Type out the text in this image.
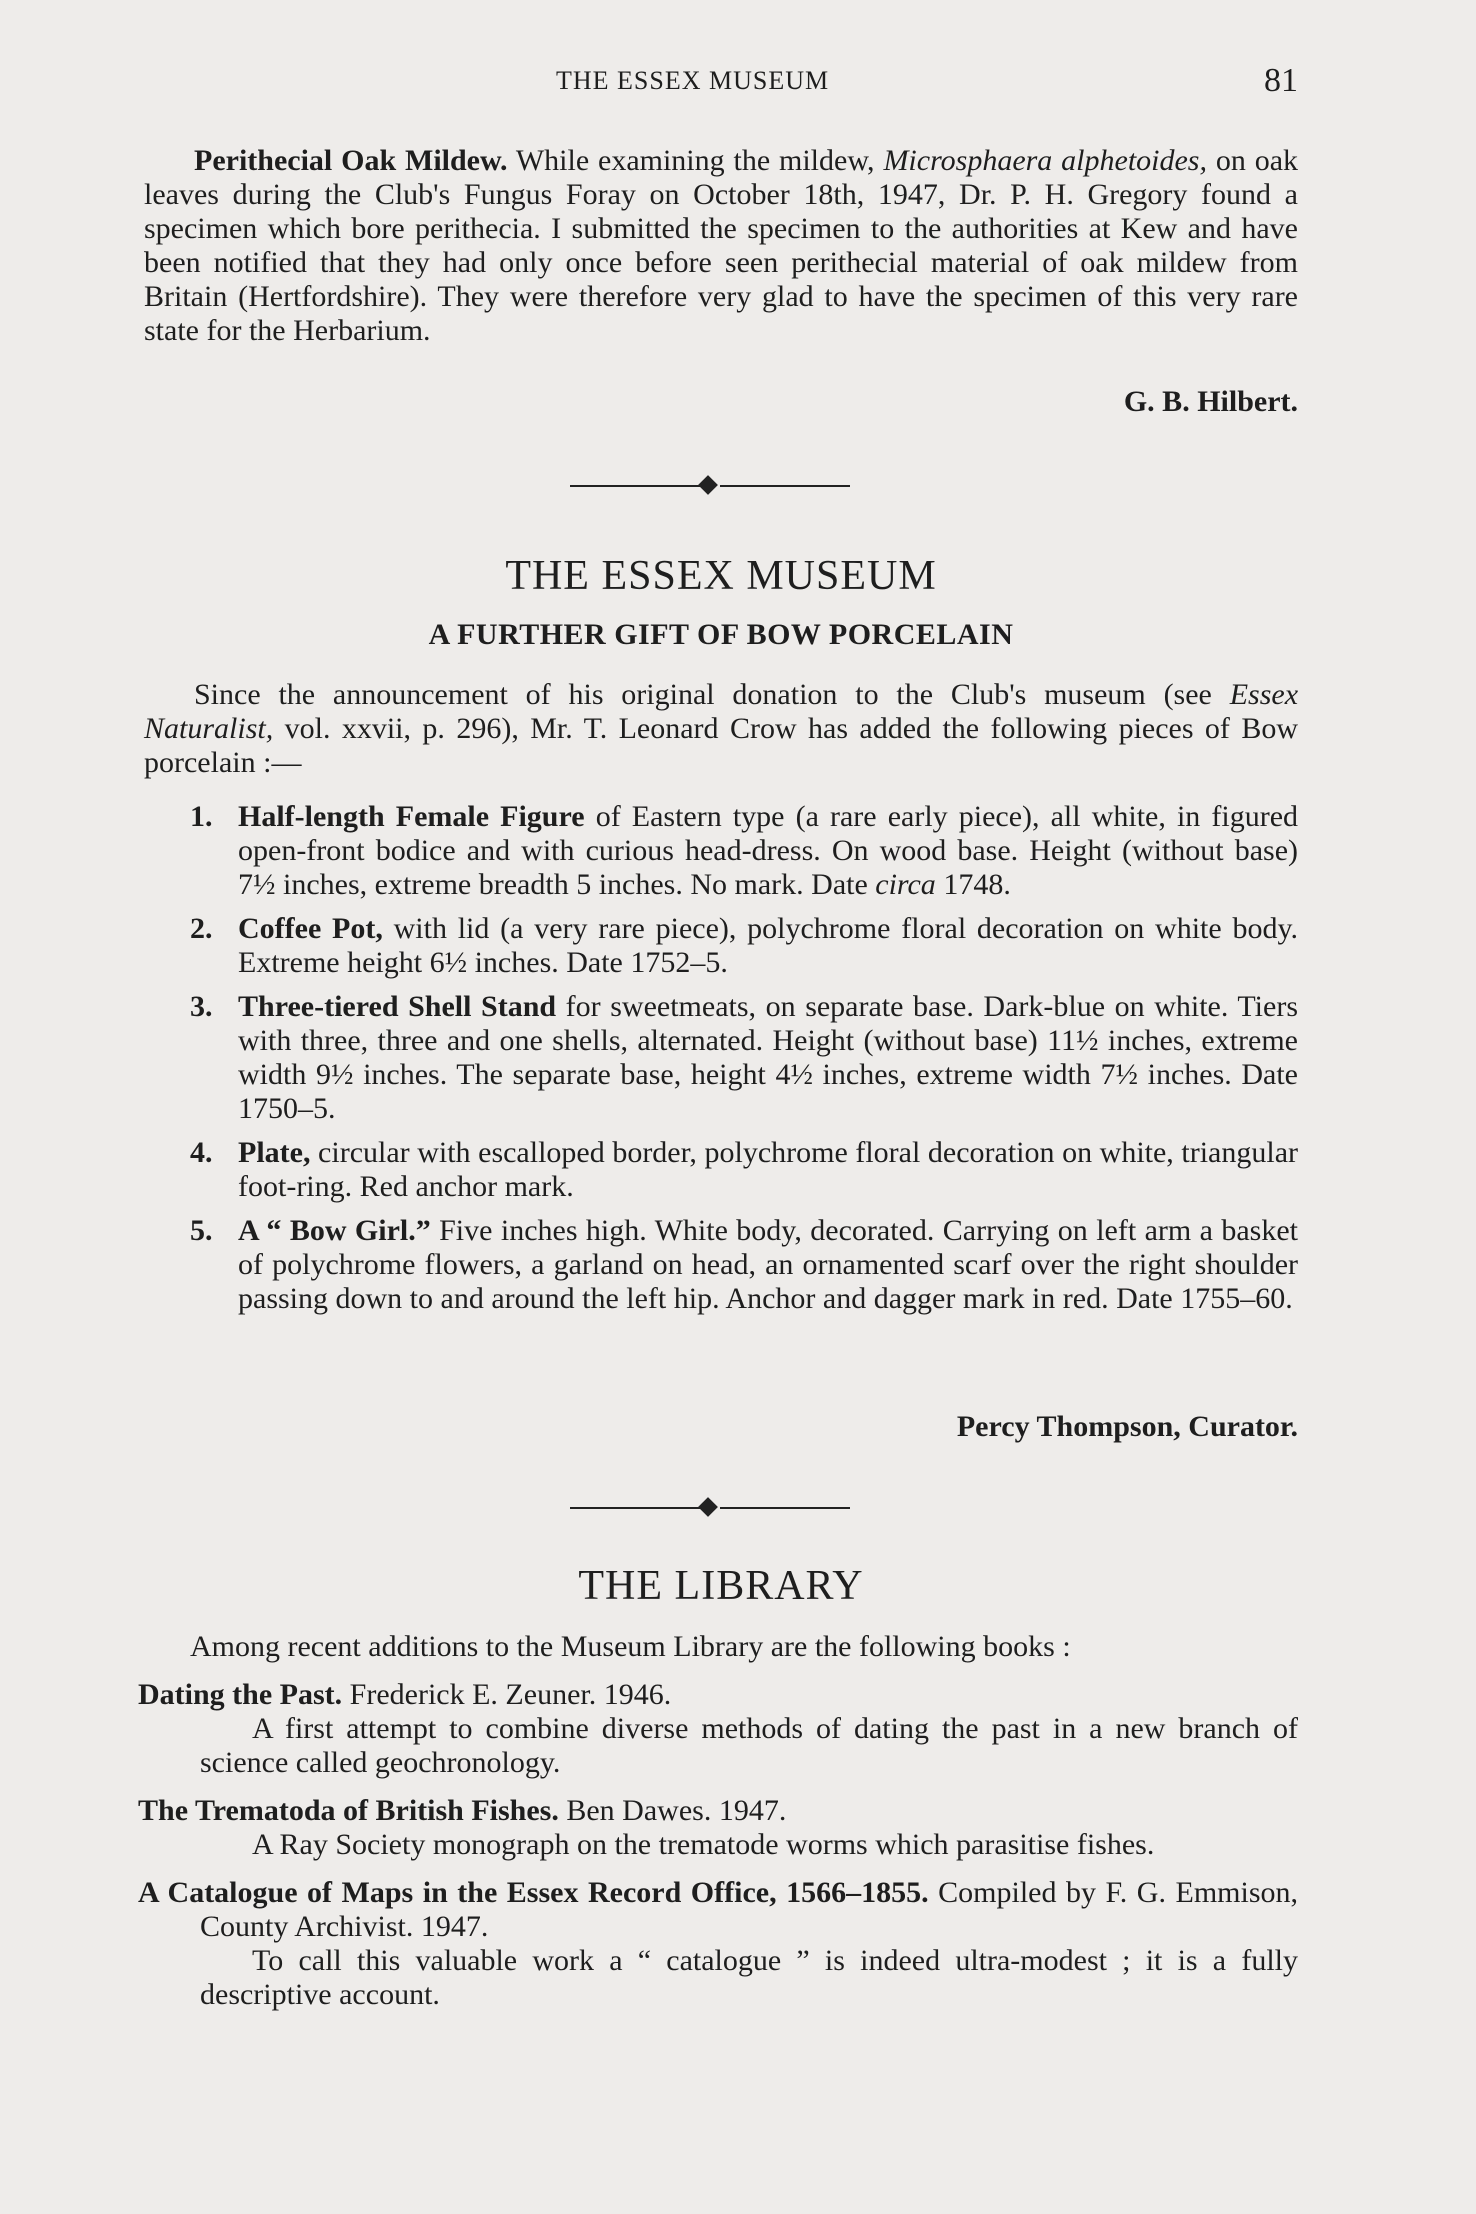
THE ESSEX MUSEUM	81
Perithecial Oak Mildew. While examining the mildew, Microsphaera alphetoides, on oak leaves during the Club's Fungus Foray on October 18th, 1947, Dr. P. H. Gregory found a specimen which bore perithecia. I submitted the specimen to the authorities at Kew and have been notified that they had only once before seen perithecial material of oak mildew from Britain (Hertfordshire). They were therefore very glad to have the specimen of this very rare state for the Herbarium.
G. B. Hilbert.
THE ESSEX MUSEUM
A FURTHER GIFT OF BOW PORCELAIN

Since the announcement of his original donation to the Club's museum (see Essex Naturalist, vol. xxvii, p. 296), Mr. T. Leonard Crow has added the following pieces of Bow porcelain :—

1. Half-length Female Figure of Eastern type (a rare early piece), all white, in figured open-front bodice and with curious head-dress. On wood base. Height (without base) 7½ inches, extreme breadth 5 inches. No mark. Date circa 1748.
2. Coffee Pot, with lid (a very rare piece), polychrome floral decoration on white body. Extreme height 6½ inches. Date 1752–5.
3. Three-tiered Shell Stand for sweetmeats, on separate base. Dark-blue on white. Tiers with three, three and one shells, alternated. Height (without base) 11½ inches, extreme width 9½ inches. The separate base, height 4½ inches, extreme width 7½ inches. Date 1750–5.
4. Plate, circular with escalloped border, polychrome floral decoration on white, triangular foot-ring. Red anchor mark.
5. A “ Bow Girl.” Five inches high. White body, decorated. Carrying on left arm a basket of polychrome flowers, a garland on head, an ornamented scarf over the right shoulder passing down to and around the left hip. Anchor and dagger mark in red. Date 1755–60.
Percy Thompson, Curator.
THE LIBRARY

Among recent additions to the Museum Library are the following books :

Dating the Past. Frederick E. Zeuner. 1946.

A first attempt to combine diverse methods of dating the past in a new branch of science called geochronology.

The Trematoda of British Fishes. Ben Dawes. 1947.

A Ray Society monograph on the trematode worms which parasitise fishes.

A Catalogue of Maps in the Essex Record Office, 1566–1855. Compiled by F. G. Emmison, County Archivist. 1947.

To call this valuable work a “ catalogue ” is indeed ultra-modest ; it is a fully descriptive account.
